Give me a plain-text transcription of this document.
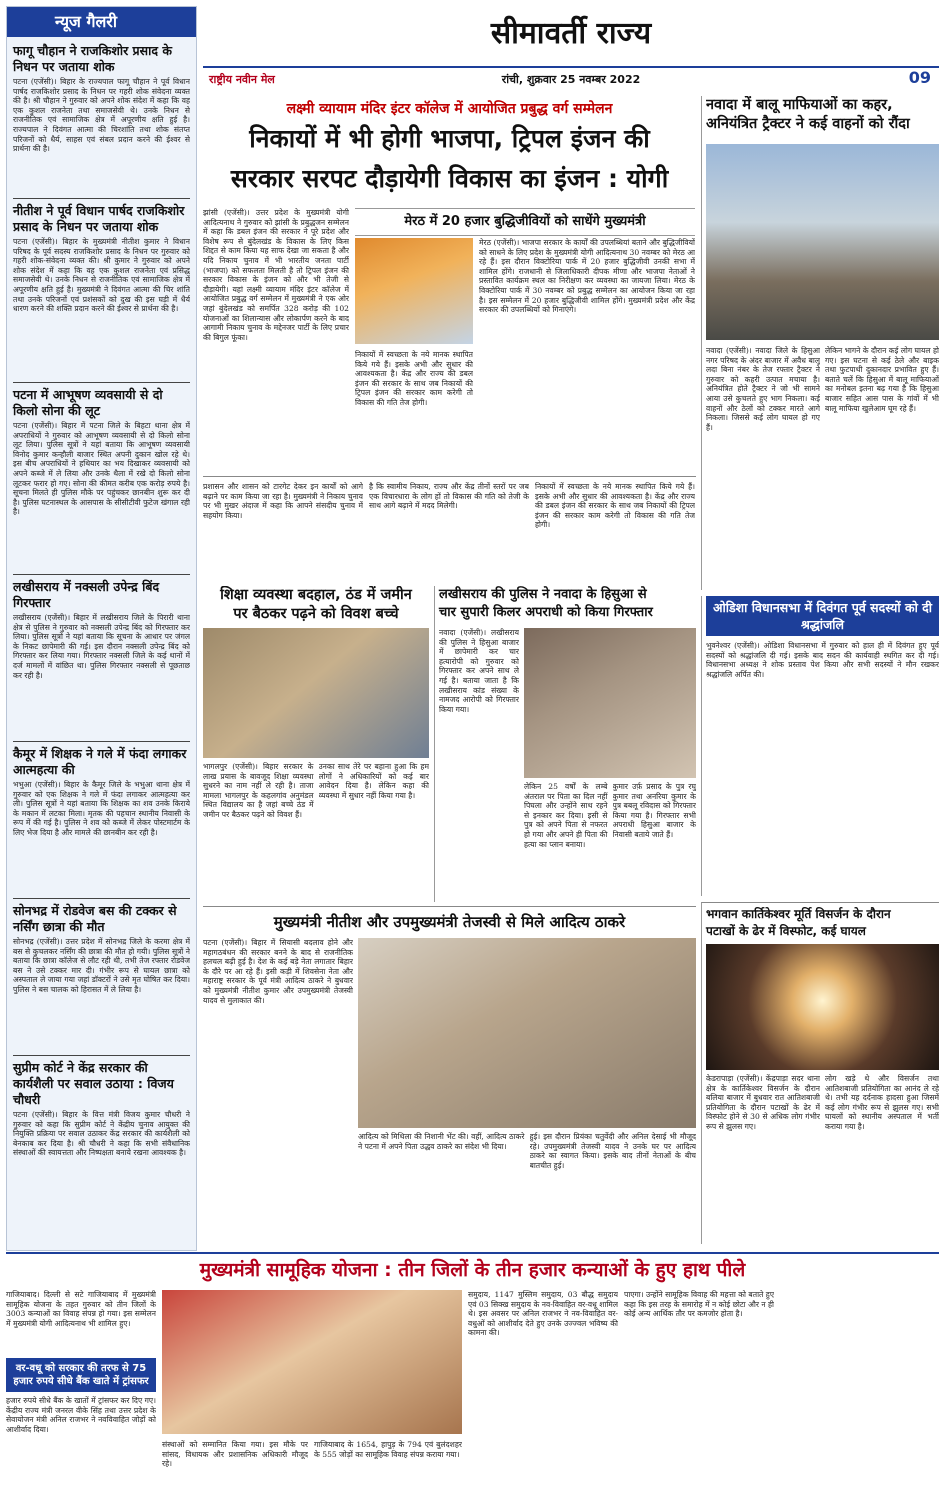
न्यूज गैलरी
फागू चौहान ने राजकिशोर प्रसाद के निधन पर जताया शोक
पटना (एजेंसी)। बिहार के राज्यपाल फागू चौहान ने पूर्व विधान पार्षद राजकिशोर प्रसाद के निधन पर गहरी शोक संवेदना व्यक्त की है। श्री चौहान ने गुरुवार को अपने शोक संदेश में कहा कि वह एक कुशल राजनेता तथा समाजसेवी थे। उनके निधन से राजनीतिक एवं सामाजिक क्षेत्र में अपूरणीय क्षति हुई है। राज्यपाल ने दिवंगत आत्मा की चिरशांति तथा शोक संतप्त परिजनों को धैर्य, साहस एवं संबल प्रदान करने की ईश्वर से प्रार्थना की है।
नीतीश ने पूर्व विधान पार्षद राजकिशोर प्रसाद के निधन पर जताया शोक
पटना (एजेंसी)। बिहार के मुख्यमंत्री नीतीश कुमार ने विधान परिषद के पूर्व सदस्य राजकिशोर प्रसाद के निधन पर गुरुवार को गहरी शोक-संवेदना व्यक्त की। श्री कुमार ने गुरुवार को अपने शोक संदेश में कहा कि वह एक कुशल राजनेता एवं प्रसिद्ध समाजसेवी थे। उनके निधन से राजनीतिक एवं सामाजिक क्षेत्र में अपूरणीय क्षति हुई है। मुख्यमंत्री ने दिवंगत आत्मा की चिर शांति तथा उनके परिजनों एवं प्रशंसकों को दुख की इस घड़ी में धैर्य धारण करने की शक्ति प्रदान करने की ईश्वर से प्रार्थना की है।
पटना में आभूषण व्यवसायी से दो किलो सोना की लूट
पटना (एजेंसी)। बिहार में पटना जिले के बिहटा थाना क्षेत्र में अपराधियों ने गुरुवार को आभूषण व्यवसायी से दो किलो सोना लूट लिया। पुलिस सूत्रों ने यहां बताया कि आभूषण व्यवसायी विनोद कुमार कन्हौली बाजार स्थित अपनी दुकान खोल रहे थे। इस बीच अपराधियों ने हथियार का भय दिखाकर व्यवसायी को अपने कब्जे में ले लिया और उनके थैला में रखे दो किलो सोना लूटकर फरार हो गए। सोना की कीमत करीब एक करोड़ रुपये है। सूचना मिलते ही पुलिस मौके पर पहुंचकर छानबीन शुरू कर दी है। पुलिस घटनास्थल के आसपास के सीसीटीवी फुटेज खंगाल रही है।
लखीसराय में नक्सली उपेन्द्र बिंद गिरफ्तार
लखीसराय (एजेंसी)। बिहार में लखीसराय जिले के पिरारी थाना क्षेत्र से पुलिस ने गुरुवार को नक्सली उपेन्द्र बिंद को गिरफ्तार कर लिया। पुलिस सूत्रों ने यहां बताया कि सूचना के आधार पर जंगल के निकट छापेमारी की गई। इस दौरान नक्सली उपेन्द्र बिंद को गिरफ्तार कर लिया गया। गिरफ्तार नक्सली जिले के कई थानों में दर्ज मामलों में वांछित था। पुलिस गिरफ्तार नक्सली से पूछताछ कर रही है।
कैमूर में शिक्षक ने गले में फंदा लगाकर आत्महत्या की
भभुआ (एजेंसी)। बिहार के कैमूर जिले के भभुआ थाना क्षेत्र में गुरुवार को एक शिक्षक ने गले में फंदा लगाकर आत्महत्या कर ली। पुलिस सूत्रों ने यहां बताया कि शिक्षक का शव उनके किराये के मकान में लटका मिला। मृतक की पहचान स्थानीय निवासी के रूप में की गई है। पुलिस ने शव को कब्जे में लेकर पोस्टमार्टम के लिए भेज दिया है और मामले की छानबीन कर रही है।
सोनभद्र में रोडवेज बस की टक्कर से नर्सिंग छात्रा की मौत
सोनभद्र (एजेंसी)। उत्तर प्रदेश में सोनभद्र जिले के करमा क्षेत्र में बस से कुचलकर नर्सिंग की छात्रा की मौत हो गयी। पुलिस सूत्रों ने बताया कि छात्रा कॉलेज से लौट रही थी, तभी तेज रफ्तार रोडवेज बस ने उसे टक्कर मार दी। गंभीर रूप से घायल छात्रा को अस्पताल ले जाया गया जहां डॉक्टरों ने उसे मृत घोषित कर दिया। पुलिस ने बस चालक को हिरासत में ले लिया है।
सुप्रीम कोर्ट ने केंद्र सरकार की कार्यशैली पर सवाल उठाया : विजय चौधरी
पटना (एजेंसी)। बिहार के वित्त मंत्री विजय कुमार चौधरी ने गुरुवार को कहा कि सुप्रीम कोर्ट ने केंद्रीय चुनाव आयुक्त की नियुक्ति प्रक्रिया पर सवाल उठाकर केंद्र सरकार की कार्यशैली को बेनकाब कर दिया है। श्री चौधरी ने कहा कि सभी संवैधानिक संस्थाओं की स्वायत्तता और निष्पक्षता बनाये रखना आवश्यक है।
सीमावर्ती राज्य
राष्ट्रीय नवीन मेल	रांची, शुक्रवार 25 नवम्बर 2022	09
लक्ष्मी व्यायाम मंदिर इंटर कॉलेज में आयोजित प्रबुद्ध वर्ग सम्मेलन
निकायों में भी होगी भाजपा, ट्रिपल इंजन की
सरकार सरपट दौड़ायेगी विकास का इंजन : योगी
झांसी (एजेंसी)। उत्तर प्रदेश के मुख्यमंत्री योगी आदित्यनाथ ने गुरुवार को झांसी के प्रबुद्धजन सम्मेलन में कहा कि डबल इंजन की सरकार ने पूरे प्रदेश और विशेष रूप से बुंदेलखंड के विकास के लिए किस शिद्दत से काम किया यह साफ देखा जा सकता है और यदि निकाय चुनाव में भी भारतीय जनता पार्टी (भाजपा) को सफलता मिलती है तो ट्रिपल इंजन की सरकार विकास के इंजन को और भी तेजी से दौड़ायेगी। यहां लक्ष्मी व्यायाम मंदिर इंटर कॉलेज में आयोजित प्रबुद्ध वर्ग सम्मेलन में मुख्यमंत्री ने एक ओर जहां बुंदेलखंड को समर्पित 328 करोड़ की 102 योजनाओं का शिलान्यास और लोकार्पण करने के बाद आगामी निकाय चुनाव के मद्देनजर पार्टी के लिए प्रचार की बिगुल फूंका।
मेरठ में 20 हजार बुद्धिजीवियों को साधेंगे मुख्यमंत्री
मेरठ (एजेंसी)। भाजपा सरकार के कार्यों की उपलब्धियां बताने और बुद्धिजीवियों को साधने के लिए प्रदेश के मुख्यमंत्री योगी आदित्यनाथ 30 नवम्बर को मेरठ आ रहे हैं। इस दौरान विक्टोरिया पार्क में 20 हजार बुद्धिजीवी उनकी सभा में शामिल होंगे। राजधानी से जिलाधिकारी दीपक मीणा और भाजपा नेताओं ने प्रस्तावित कार्यक्रम स्थल का निरीक्षण कर व्यवस्था का जायजा लिया। मेरठ के विक्टोरिया पार्क में 30 नवम्बर को प्रबुद्ध सम्मेलन का आयोजन किया जा रहा है। इस सम्मेलन में 20 हजार बुद्धिजीवी शामिल होंगे। मुख्यमंत्री प्रदेश और केंद्र सरकार की उपलब्धियों को गिनाएंगे।
निकायों में स्वच्छता के नये मानक स्थापित किये गये हैं। इसके अभी और सुधार की आवश्यकता है। केंद्र और राज्य की डबल इंजन की सरकार के साथ जब निकायों की ट्रिपल इंजन की सरकार काम करेगी तो विकास की गति तेज होगी।
प्रशासन और शासन को टारगेट देकर इन कार्यों को आगे बढ़ाने पर काम किया जा रहा है। मुख्यमंत्री ने निकाय चुनाव पर भी मुखर अंदाज में कहा कि आपने संसदीय चुनाव में सहयोग किया।
है कि स्वामीय निकाय, राज्य और केंद्र तीनों स्तरों पर जब एक विचारधारा के लोग हों तो विकास की गति को तेजी के साथ आगे बढ़ाने में मदद मिलेगी।
निकायों में स्वच्छता के नये मानक स्थापित किये गये हैं। इसके अभी और सुधार की आवश्यकता है। केंद्र और राज्य की डबल इंजन की सरकार के साथ जब निकायों की ट्रिपल इंजन की सरकार काम करेगी तो विकास की गति तेज होगी।
नवादा में बालू माफियाओं का कहर, अनियंत्रित ट्रैक्टर ने कई वाहनों को रौंदा
नवादा (एजेंसी)। नवादा जिले के हिसुआ नगर परिषद के अंदर बाजार में अवैध बालू लदा बिना नंबर के तेज रफ्तार ट्रैक्टर ने गुरुवार को कहरी उत्पात मचाया है। अनियंत्रित होते ट्रैक्टर ने जो भी सामने आया उसे कुचलते हुए भाग निकला। कई वाहनों और ठेलों को टक्कर मारते आगे निकला। जिससे कई लोग घायल हो गए हैं।
लेकिन भागने के दौरान कई लोग घायल हो गए। इस घटना से कई ठेले और बाइक तथा फुटपाथी दुकानदार प्रभावित हुए हैं। बताते चलें कि हिसुआ में बालू माफियाओं का मनोबल इतना बढ़ गया है कि हिसुआ बाजार सहित आस पास के गांवों में भी बालू माफिया खुलेआम घूम रहे हैं।
ओडिशा विधानसभा में दिवंगत पूर्व सदस्यों को दी श्रद्धांजलि
भुवनेश्वर (एजेंसी)। ओडिशा विधानसभा में गुरुवार को हाल ही में दिवंगत हुए पूर्व सदस्यों को श्रद्धांजलि दी गई। इसके बाद सदन की कार्यवाही स्थगित कर दी गई। विधानसभा अध्यक्ष ने शोक प्रस्ताव पेश किया और सभी सदस्यों ने मौन रखकर श्रद्धांजलि अर्पित की।
शिक्षा व्यवस्था बदहाल, ठंड में जमीन
पर बैठकर पढ़ने को विवश बच्चे
भागलपुर (एजेंसी)। बिहार सरकार के लाख प्रयास के बावजूद शिक्षा व्यवस्था सुधरने का नाम नहीं ले रही है। ताजा मामला भागलपुर के कहलगांव अनुमंडल स्थित विद्यालय का है जहां बच्चे ठंड में जमीन पर बैठकर पढ़ने को विवश हैं।
उनका साथ तेरे पर बहाना हुआ कि हम लोगों ने अधिकारियों को कई बार आवेदन दिया है। लेकिन कहा की व्यवस्था में सुधार नहीं किया गया है।
लखीसराय की पुलिस ने नवादा के हिसुआ से
चार सुपारी किलर अपराधी को किया गिरफ्तार
नवादा (एजेंसी)। लखीसराय की पुलिस ने हिसुआ बाजार में छापेमारी कर चार हत्यारोपी को गुरुवार को गिरफ्तार कर अपने साथ ले गई है। बताया जाता है कि लखीसराय कांड संख्या के नामजद आरोपी को गिरफ्तार किया गया।
लेकिन 25 वर्षों के लम्बे अंतराल पर पिता का दिल नहीं पिघला और उन्होंने साथ रहने से इनकार कर दिया। इसी से पुत्र को अपने पिता से नफरत हो गया और अपने ही पिता की हत्या का प्लान बनाया।
कुमार उर्फ़ प्रसाद के पुत्र रघु कुमार तथा अनरिया कुमार के पुत्र बबलू रविदास को गिरफ्तार किया गया है। गिरफ्तार सभी अपराधी हिसुआ बाजार के निवासी बताये जाते हैं।
मुख्यमंत्री नीतीश और उपमुख्यमंत्री तेजस्वी से मिले आदित्य ठाकरे
पटना (एजेंसी)। बिहार में सियासी बदलाव होने और महागठबंधन की सरकार बनने के बाद से राजनीतिक हलचल बढ़ी हुई है। देश के कई बड़े नेता लगातार बिहार के दौरे पर आ रहे हैं। इसी कड़ी में शिवसेना नेता और महाराष्ट्र सरकार के पूर्व मंत्री आदित्य ठाकरे ने बुधवार को मुख्यमंत्री नीतीश कुमार और उपमुख्यमंत्री तेजस्वी यादव से मुलाकात की।
आदित्य को मिथिला की निशानी भेंट की। वहीं, आदित्य ठाकरे ने पटना में अपने पिता उद्धव ठाकरे का संदेश भी दिया।
हुई। इस दौरान प्रियंका चतुर्वेदी और अनिल देसाई भी मौजूद रहे। उपमुख्यमंत्री तेजस्वी यादव ने उनके घर पर आदित्य ठाकरे का स्वागत किया। इसके बाद तीनों नेताओं के बीच बातचीत हुई।
भगवान कार्तिकेश्वर मूर्ति विसर्जन के दौरान
पटाखों के ढेर में विस्फोट, कई घायल
केडरापाड़ा (एजेंसी)। केंद्रपाड़ा सदर थाना क्षेत्र के कार्तिकेश्वर विसर्जन के दौरान बलिया बाजार में बुधवार रात आतिशबाजी प्रतियोगिता के दौरान पटाखों के ढेर में विस्फोट होने से 30 से अधिक लोग गंभीर रूप से झुलस गए।
लोग खड़े थे और विसर्जन तथा आतिशबाजी प्रतियोगिता का आनंद ले रहे थे। तभी यह दर्दनाक हादसा हुआ जिसमें कई लोग गंभीर रूप से झुलस गए। सभी घायलों को स्थानीय अस्पताल में भर्ती कराया गया है।
मुख्यमंत्री सामूहिक योजना : तीन जिलों के तीन हजार कन्याओं के हुए हाथ पीले
गाजियाबाद। दिल्ली से सटे गाजियाबाद में मुख्यमंत्री सामूहिक योजना के तहत गुरुवार को तीन जिलों के 3003 कन्याओं का विवाह संपन्न हो गया। इस सम्मेलन में मुख्यमंत्री योगी आदित्यनाथ भी शामिल हुए।
वर-वधू को सरकार की तरफ से 75 हजार रुपये सीधे बैंक खाते में ट्रांसफर
हजार रुपये सीधे बैंक के खातों में ट्रांसफर कर दिए गए। केंद्रीय राज्य मंत्री जनरल वीके सिंह तथा उत्तर प्रदेश के सेवायोजन मंत्री अनिल राजभर ने नवविवाहित जोड़ों को आशीर्वाद दिया।
संस्थाओं को सम्मानित किया गया। इस मौके पर सांसद, विधायक और प्रशासनिक अधिकारी मौजूद रहे।
गाजियाबाद के 1654, हापुड़ के 794 एवं बुलंदशहर के 555 जोड़ों का सामूहिक विवाह संपन्न कराया गया।
समुदाय, 1147 मुस्लिम समुदाय, 03 बौद्ध समुदाय एवं 03 सिक्ख समुदाय के नव-विवाहित वर-वधू शामिल थे। इस अवसर पर अनिल राजभर ने नव-विवाहित वर-वधुओं को आशीर्वाद देते हुए उनके उज्ज्वल भविष्य की कामना की।
पाएगा। उन्होंने सामूहिक विवाह की महत्ता को बताते हुए कहा कि इस तरह के समारोह में न कोई छोटा और न ही कोई अन्य आर्थिक तौर पर कमजोर होता है।
